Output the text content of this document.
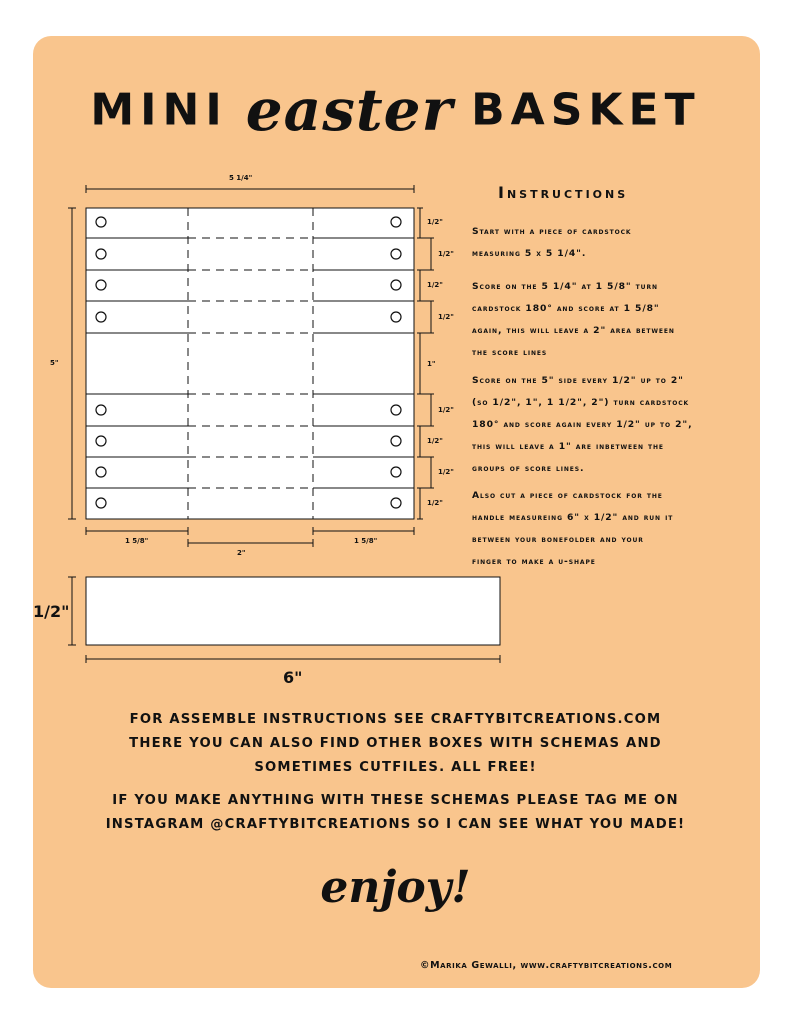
MINI easter BASKET
5 1/4"
5"
1/2"
1/2"
1/2"
1/2"
1"
1/2"
1/2"
1/2"
1/2"
1 5/8"
2"
1 5/8"
1/2"
6"
Instructions

Start with a piece of cardstock
measuring 5 x 5 1/4".

Score on the 5 1/4" at 1 5/8" turn
cardstock 180° and score at 1 5/8"
again, this will leave a 2" area between
the score lines

Score on the 5" side every 1/2" up to 2"
(so 1/2", 1", 1 1/2", 2") turn cardstock
180° and score again every 1/2" up to 2",
this will leave a 1" are inbetween the
groups of score lines.

Also cut a piece of cardstock for the
handle measureing 6" x 1/2" and run it
between your bonefolder and your
finger to make a u-shape

FOR ASSEMBLE INSTRUCTIONS SEE CRAFTYBITCREATIONS.COM
THERE YOU CAN ALSO FIND OTHER BOXES WITH SCHEMAS AND
SOMETIMES CUTFILES. ALL FREE!

IF YOU MAKE ANYTHING WITH THESE SCHEMAS PLEASE TAG ME ON
INSTAGRAM @CRAFTYBITCREATIONS SO I CAN SEE WHAT YOU MADE!

enjoy!
©Marika Gewalli, www.craftybitcreations.com
